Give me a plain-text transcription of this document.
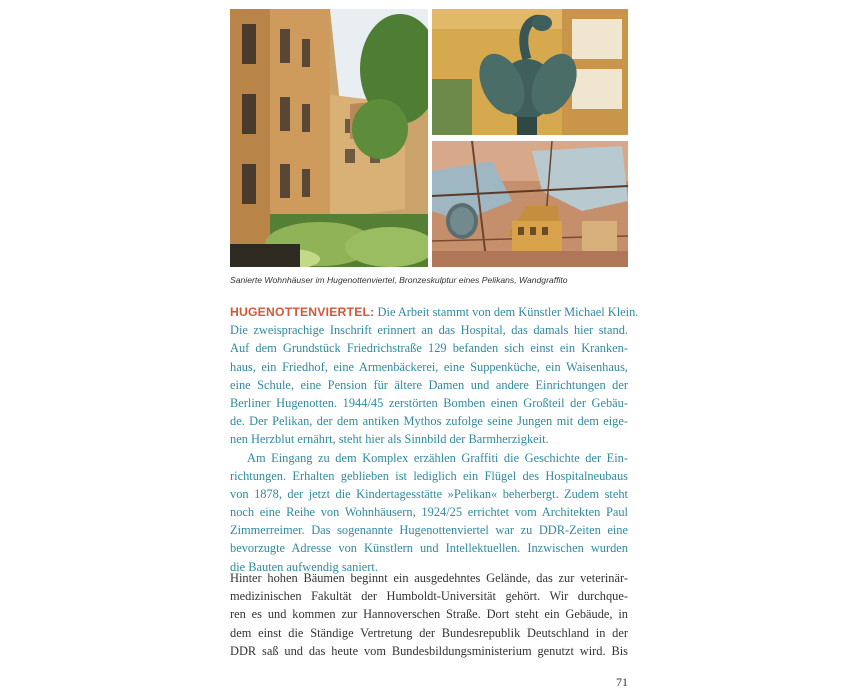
Sanierte Wohnhäuser im Hugenottenviertel, Bronzeskulptur eines Pelikans, Wandgraffito
HUGENOTTENVIERTEL: Die Arbeit stammt von dem Künstler Michael Klein.
Die zweisprachige Inschrift erinnert an das Hospital, das damals hier stand.
Auf dem Grundstück Friedrichstraße 129 befanden sich einst ein Kranken-
haus, ein Friedhof, eine Armenbäckerei, eine Suppenküche, ein Waisenhaus,
eine Schule, eine Pension für ältere Damen und andere Einrichtungen der
Berliner Hugenotten. 1944/45 zerstörten Bomben einen Großteil der Gebäu-
de. Der Pelikan, der dem antiken Mythos zufolge seine Jungen mit dem eige-
nen Herzblut ernährt, steht hier als Sinnbild der Barmherzigkeit.
Am Eingang zu dem Komplex erzählen Graffiti die Geschichte der Ein-
richtungen. Erhalten geblieben ist lediglich ein Flügel des Hospitalneubaus
von 1878, der jetzt die Kindertagesstätte »Pelikan« beherbergt. Zudem steht
noch eine Reihe von Wohnhäusern, 1924/25 errichtet vom Architekten Paul
Zimmerreimer. Das sogenannte Hugenottenviertel war zu DDR-Zeiten eine
bevorzugte Adresse von Künstlern und Intellektuellen. Inzwischen wurden
die Bauten aufwendig saniert.
Hinter hohen Bäumen beginnt ein ausgedehntes Gelände, das zur veterinär-
medizinischen Fakultät der Humboldt-Universität gehört. Wir durchque-
ren es und kommen zur Hannoverschen Straße. Dort steht ein Gebäude, in
dem einst die Ständige Vertretung der Bundesrepublik Deutschland in der
DDR saß und das heute vom Bundesbildungsministerium genutzt wird. Bis
71
